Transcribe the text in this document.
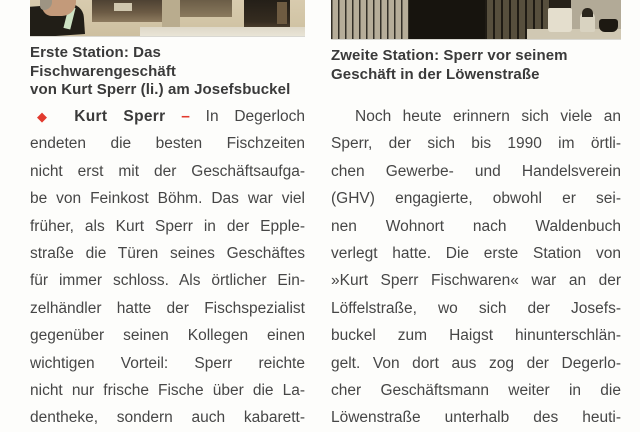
Erste Station: Das Fischwarengeschäft
von Kurt Sperr (li.) am Josefsbuckel
◆ Kurt Sperr – In Degerloch
endeten die besten Fischzeiten
nicht erst mit der Geschäftsaufga-
be von Feinkost Böhm. Das war viel
früher, als Kurt Sperr in der Epple-
straße die Türen seines Geschäftes
für immer schloss. Als örtlicher Ein-
zelhändler hatte der Fischspezialist
gegenüber seinen Kollegen einen
wichtigen Vorteil: Sperr reichte
nicht nur frische Fische über die La-
dentheke, sondern auch kabarett-
Zweite Station: Sperr vor seinem
Geschäft in der Löwenstraße
Noch heute erinnern sich viele an
Sperr, der sich bis 1990 im örtli-
chen Gewerbe- und Handelsverein
(GHV) engagierte, obwohl er sei-
nen Wohnort nach Waldenbuch
verlegt hatte. Die erste Station von
»Kurt Sperr Fischwaren« war an der
Löffelstraße, wo sich der Josefs-
buckel zum Haigst hinunterschlän-
gelt. Von dort aus zog der Degerlo-
cher Geschäftsmann weiter in die
Löwenstraße unterhalb des heuti-
